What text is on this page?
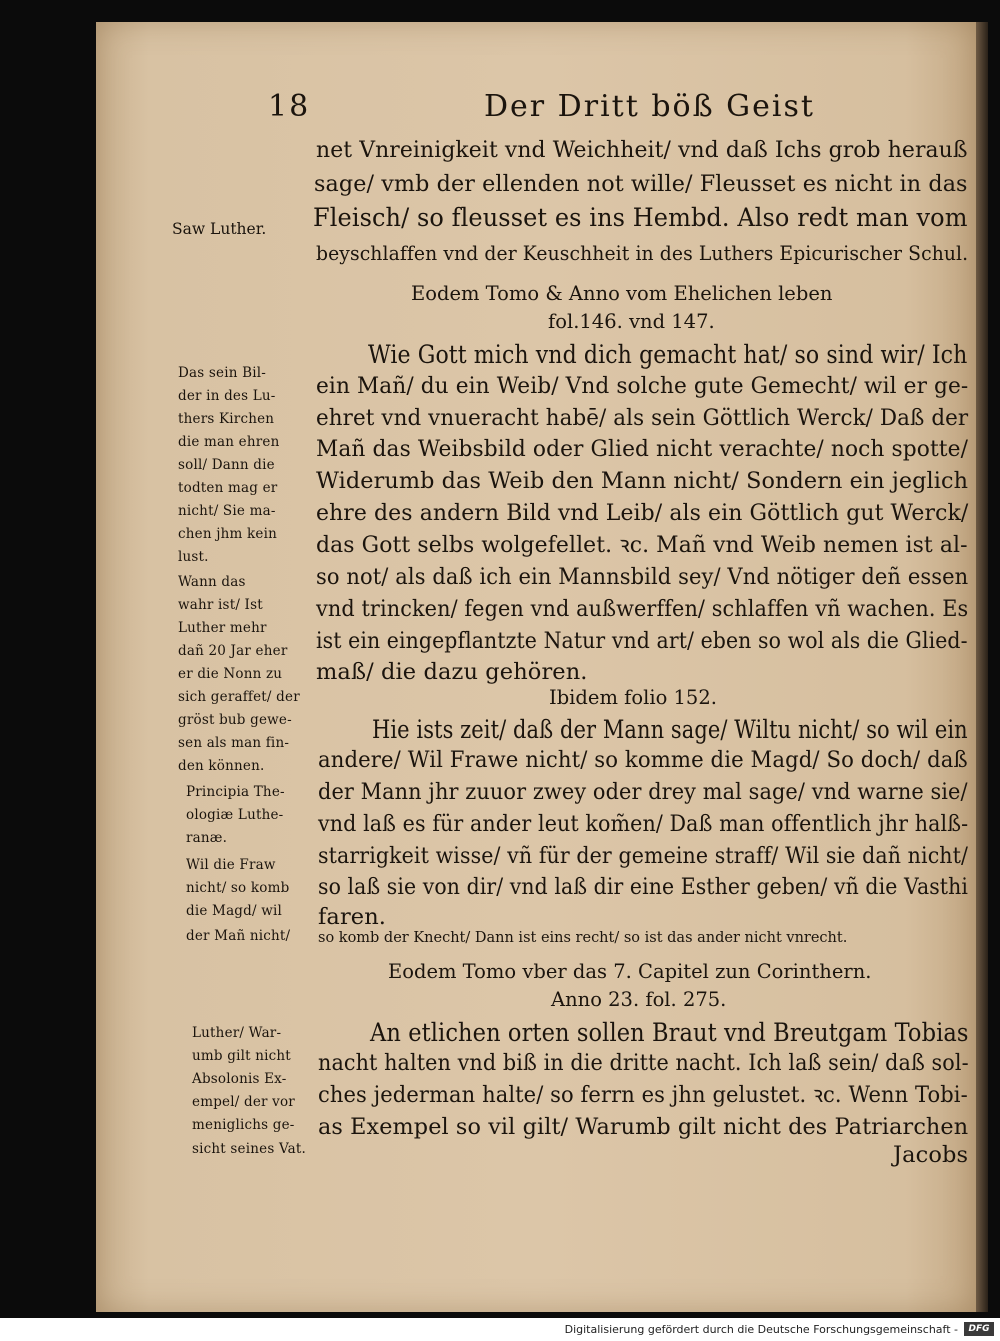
18	Der Dritt böß Geist
net Vnreinigkeit vnd Weichheit/ vnd daß Ichs grob herauß
sage/ vmb der ellenden not wille/ Fleusset es nicht in das
Fleisch/ so fleusset es ins Hembd. Also redt man vom
beyschlaffen vnd der Keuschheit in des Luthers Epicurischer Schul.
Eodem Tomo & Anno vom Ehelichen leben
fol.146. vnd 147.
Wie Gott mich vnd dich gemacht hat/ so sind wir/ Ich
ein Mañ/ du ein Weib/ Vnd solche gute Gemecht/ wil er ge-
ehret vnd vnueracht habē/ als sein Göttlich Werck/ Daß der
Mañ das Weibsbild oder Glied nicht verachte/ noch spotte/
Widerumb das Weib den Mann nicht/ Sondern ein jeglich
ehre des andern Bild vnd Leib/ als ein Göttlich gut Werck/
das Gott selbs wolgefellet. ꝛc. Mañ vnd Weib nemen ist al-
so not/ als daß ich ein Mannsbild sey/ Vnd nötiger deñ essen
vnd trincken/ fegen vnd außwerffen/ schlaffen vñ wachen. Es
ist ein eingepflantzte Natur vnd art/ eben so wol als die Glied-
maß/ die dazu gehören.
Ibidem folio 152.
Hie ists zeit/ daß der Mann sage/ Wiltu nicht/ so wil ein
andere/ Wil Frawe nicht/ so komme die Magd/ So doch/ daß
der Mann jhr zuuor zwey oder drey mal sage/ vnd warne sie/
vnd laß es für ander leut kom̃en/ Daß man offentlich jhr halß-
starrigkeit wisse/ vñ für der gemeine straff/ Wil sie dañ nicht/
so laß sie von dir/ vnd laß dir eine Esther geben/ vñ die Vasthi
faren.
so komb der Knecht/ Dann ist eins recht/ so ist das ander nicht vnrecht.
Eodem Tomo vber das 7. Capitel zun Corinthern.
Anno 23. fol. 275.
An etlichen orten sollen Braut vnd Breutgam Tobias
nacht halten vnd biß in die dritte nacht. Ich laß sein/ daß sol-
ches jederman halte/ so ferrn es jhn gelustet. ꝛc. Wenn Tobi-
as Exempel so vil gilt/ Warumb gilt nicht des Patriarchen
Jacobs
Saw Luther.
Das sein Bil-
der in des Lu-
thers Kirchen
die man ehren
soll/ Dann die
todten mag er
nicht/ Sie ma-
chen jhm kein
lust.
Wann das
wahr ist/ Ist
Luther mehr
dañ 20 Jar eher
er die Nonn zu
sich geraffet/ der
gröst bub gewe-
sen als man fin-
den können.
Principia The-
ologiæ Luthe-
ranæ.
Wil die Fraw
nicht/ so komb
die Magd/ wil
der Mañ nicht/
Luther/ War-
umb gilt nicht
Absolonis Ex-
empel/ der vor
meniglichs ge-
sicht seines Vat.
Digitalisierung gefördert durch die Deutsche Forschungsgemeinschaft -	DFG
